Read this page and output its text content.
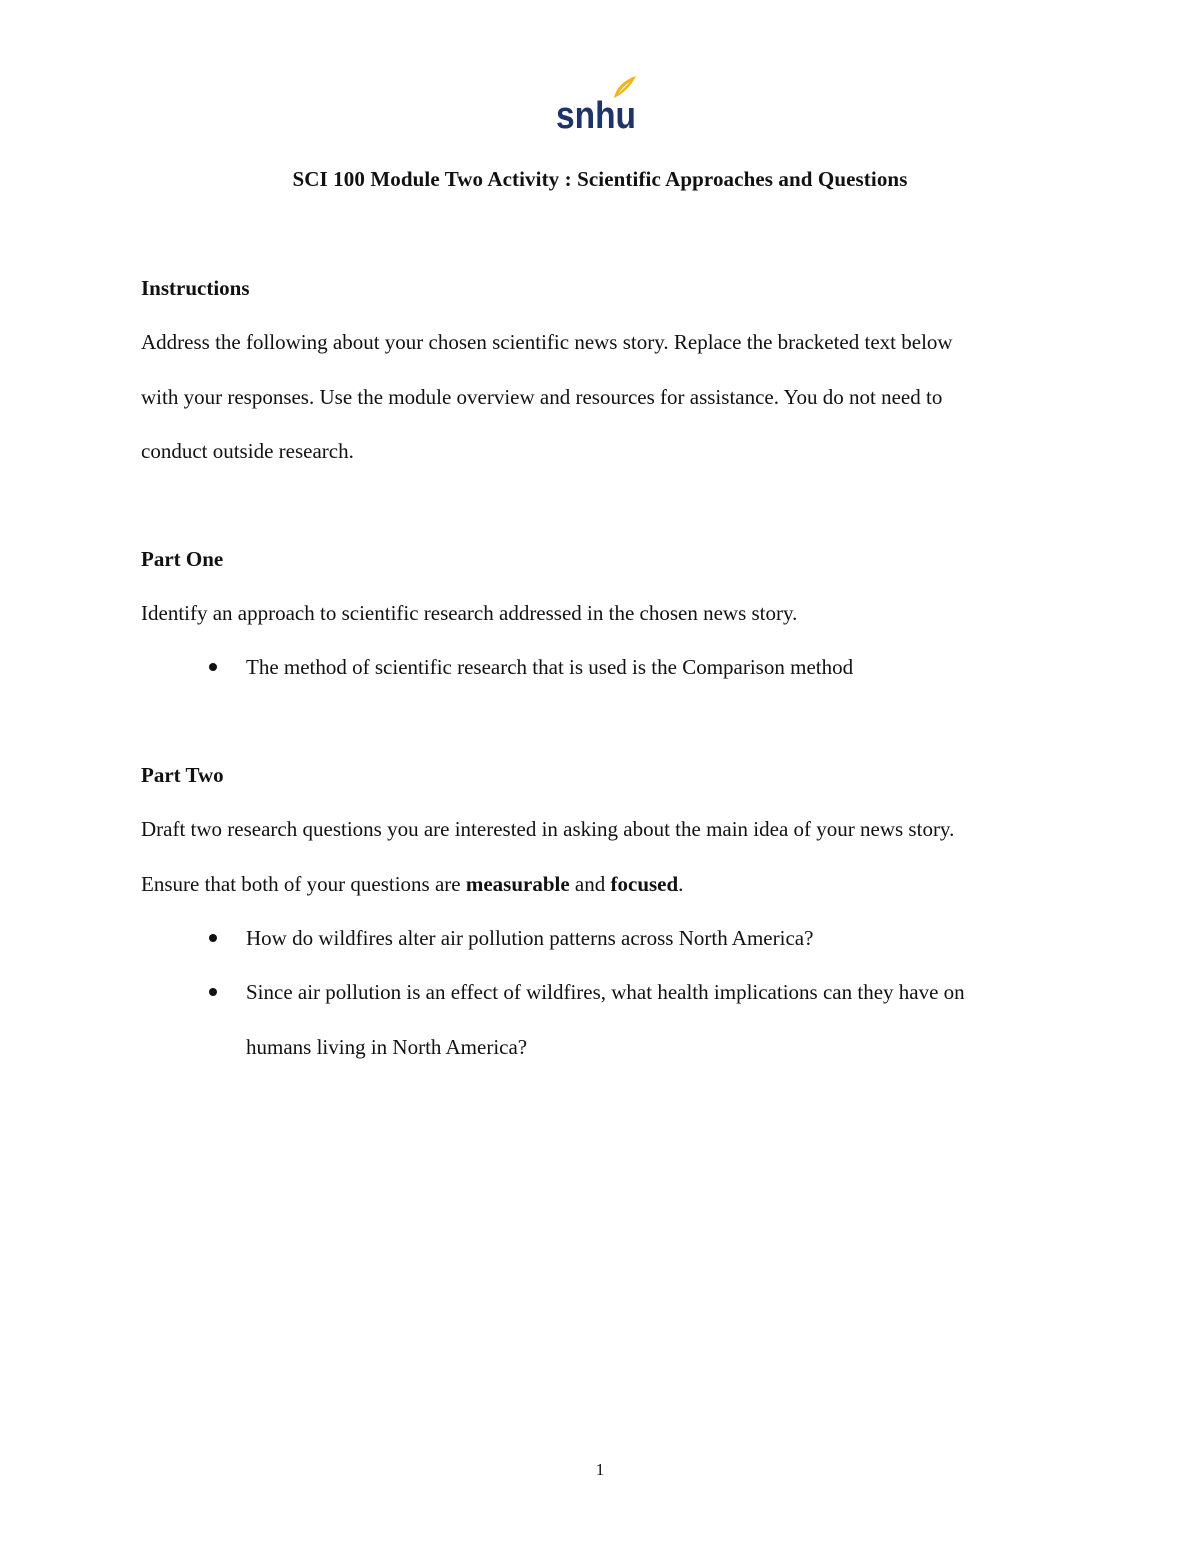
snhu
SCI 100 Module Two Activity : Scientific Approaches and Questions
Instructions
Address the following about your chosen scientific news story. Replace the bracketed text below
with your responses. Use the module overview and resources for assistance. You do not need to
conduct outside research.
Part One
Identify an approach to scientific research addressed in the chosen news story.
The method of scientific research that is used is the Comparison method
Part Two
Draft two research questions you are interested in asking about the main idea of your news story.
Ensure that both of your questions are measurable and focused.
How do wildfires alter air pollution patterns across North America?
Since air pollution is an effect of wildfires, what health implications can they have on
humans living in North America?
1
